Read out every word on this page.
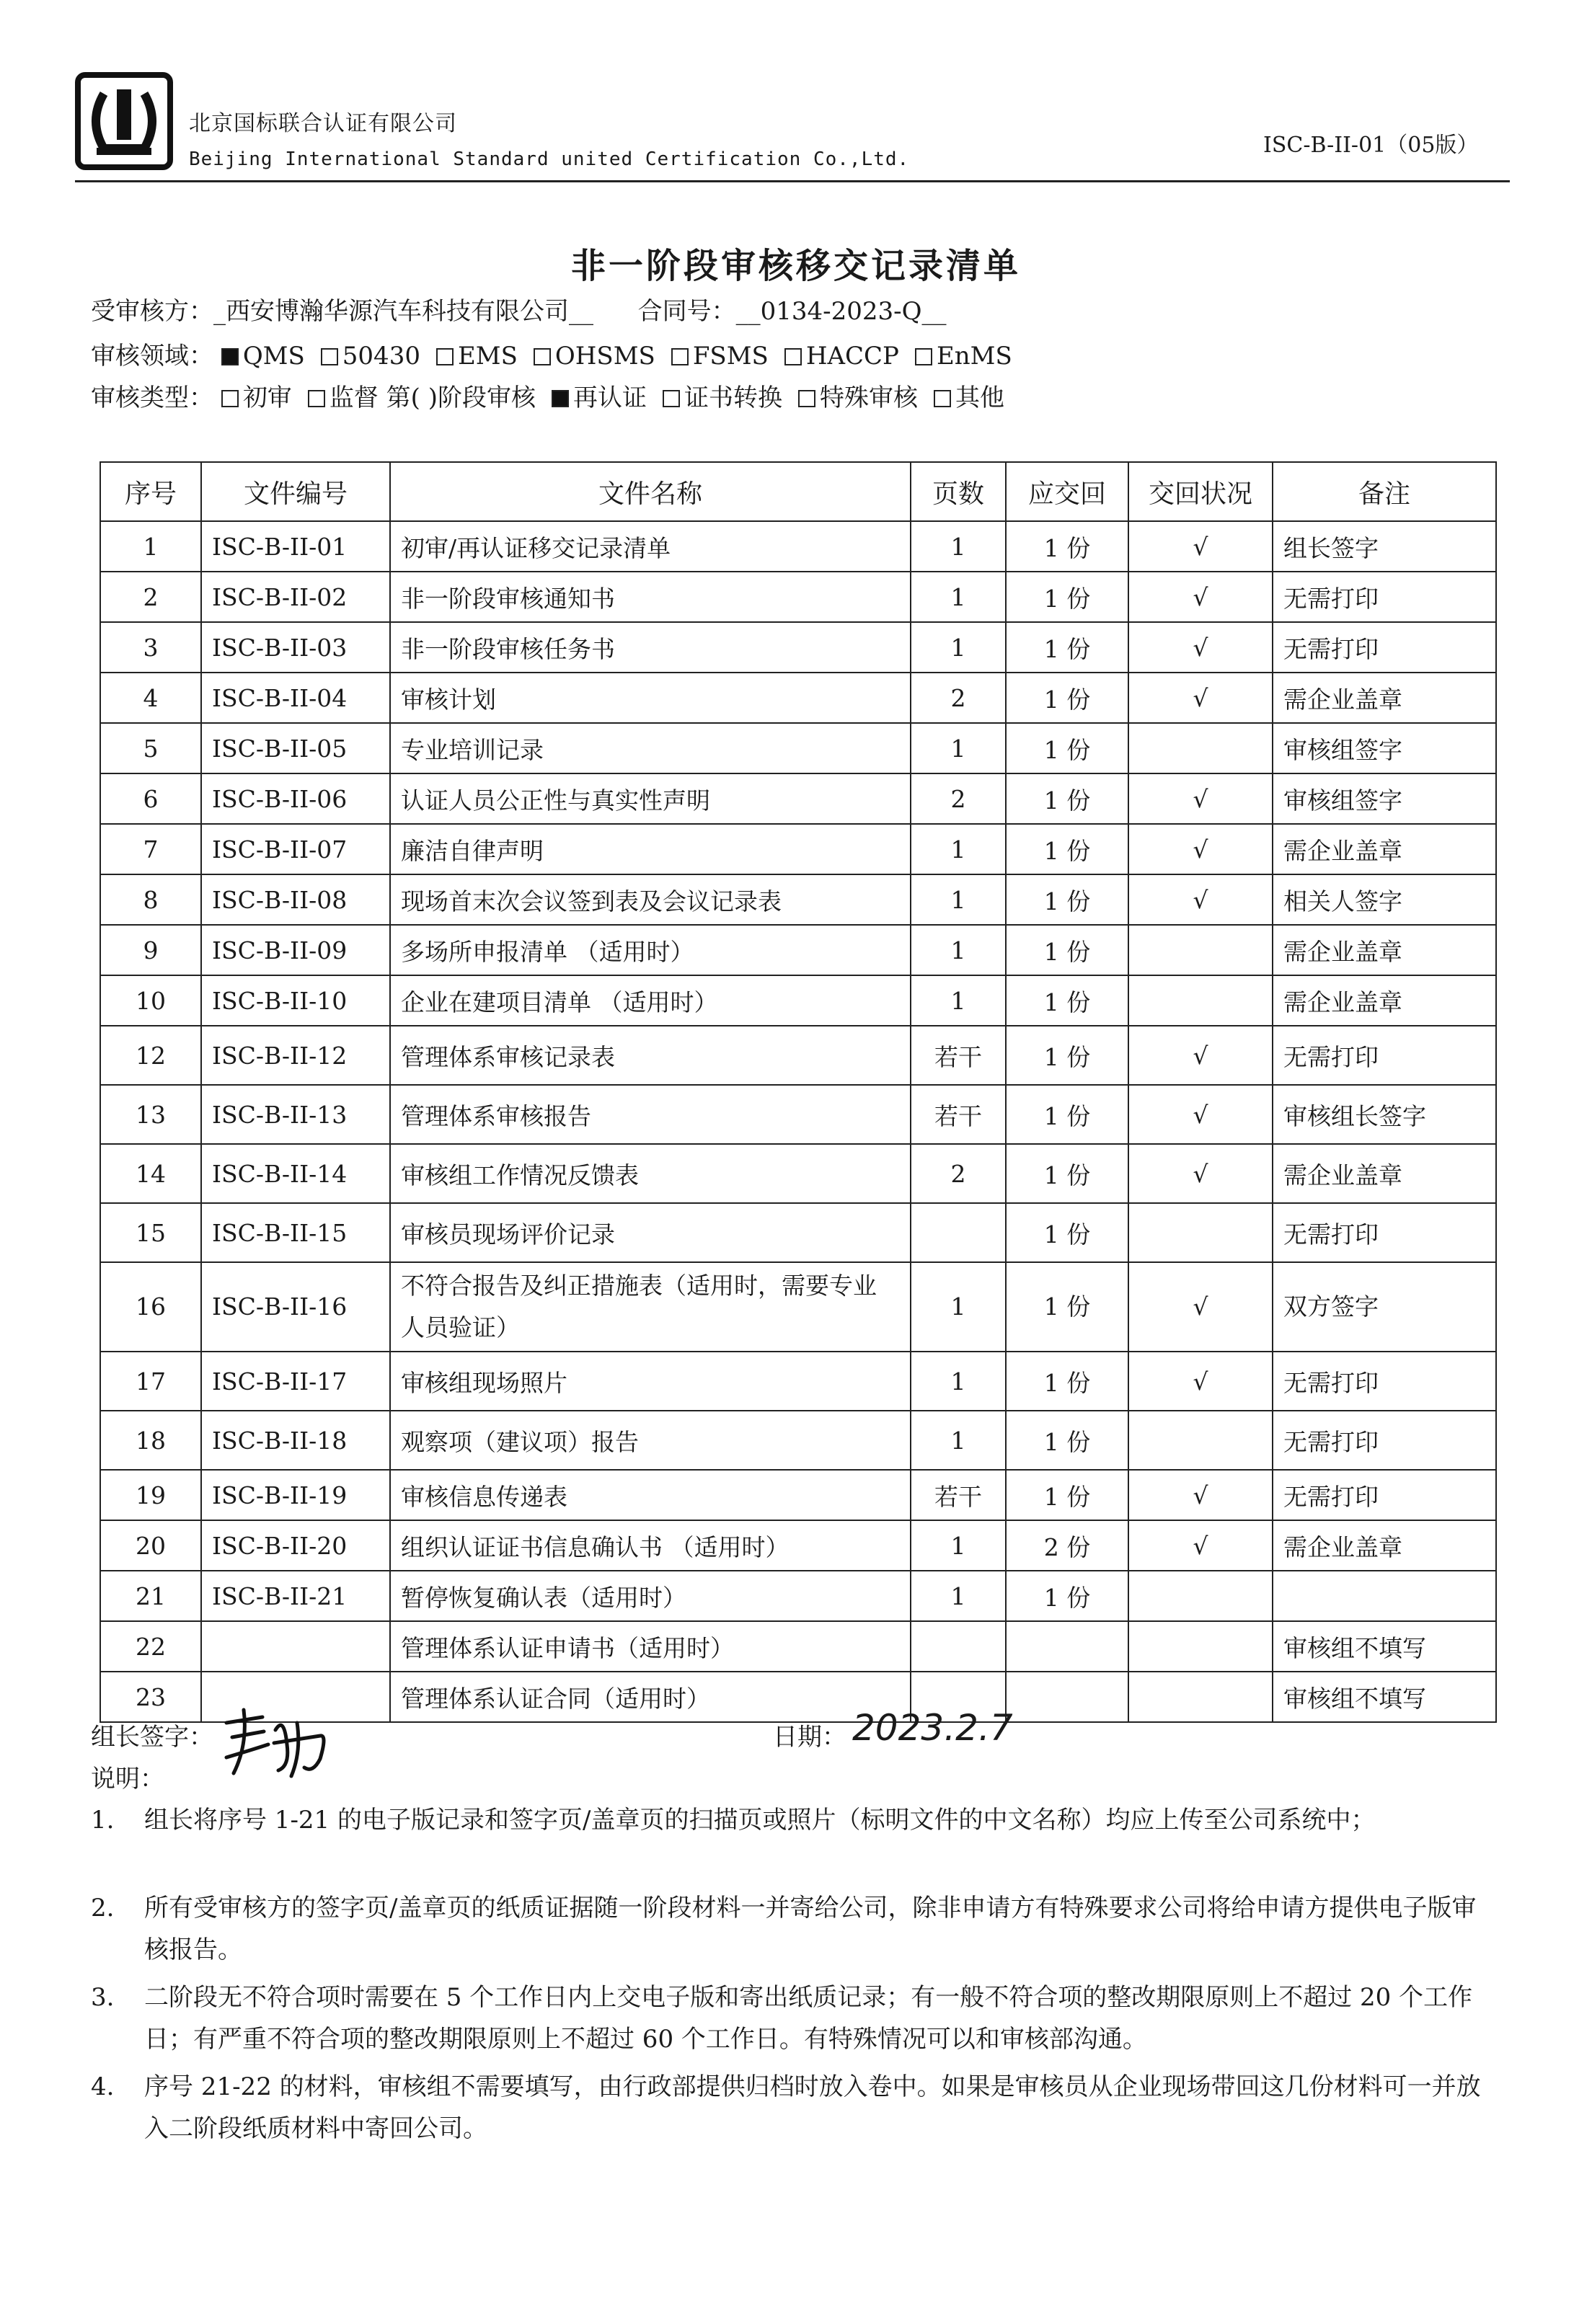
北京国标联合认证有限公司
Beijing International Standard united Certification Co.,Ltd.
ISC-B-II-01（05版）
非一阶段审核移交记录清单
受审核方：_西安博瀚华源汽车科技有限公司__ 合同号：__0134-2023-Q__
审核领域： QMS 50430 EMS OHSMS FSMS HACCP EnMS
审核类型： 初审 监督 第( )阶段审核 再认证 证书转换 特殊审核 其他
序号	文件编号	文件名称	页数	应交回	交回状况	备注
1	ISC-B-II-01	初审/再认证移交记录清单	1	1 份	√	组长签字
2	ISC-B-II-02	非一阶段审核通知书	1	1 份	√	无需打印
3	ISC-B-II-03	非一阶段审核任务书	1	1 份	√	无需打印
4	ISC-B-II-04	审核计划	2	1 份	√	需企业盖章
5	ISC-B-II-05	专业培训记录	1	1 份		审核组签字
6	ISC-B-II-06	认证人员公正性与真实性声明	2	1 份	√	审核组签字
7	ISC-B-II-07	廉洁自律声明	1	1 份	√	需企业盖章
8	ISC-B-II-08	现场首末次会议签到表及会议记录表	1	1 份	√	相关人签字
9	ISC-B-II-09	多场所申报清单 （适用时）	1	1 份		需企业盖章
10	ISC-B-II-10	企业在建项目清单 （适用时）	1	1 份		需企业盖章
12	ISC-B-II-12	管理体系审核记录表	若干	1 份	√	无需打印
13	ISC-B-II-13	管理体系审核报告	若干	1 份	√	审核组长签字
14	ISC-B-II-14	审核组工作情况反馈表	2	1 份	√	需企业盖章
15	ISC-B-II-15	审核员现场评价记录		1 份		无需打印
16	ISC-B-II-16	不符合报告及纠正措施表（适用时，需要专业人员验证）	1	1 份	√	双方签字
17	ISC-B-II-17	审核组现场照片	1	1 份	√	无需打印
18	ISC-B-II-18	观察项（建议项）报告	1	1 份		无需打印
19	ISC-B-II-19	审核信息传递表	若干	1 份	√	无需打印
20	ISC-B-II-20	组织认证证书信息确认书 （适用时）	1	2 份	√	需企业盖章
21	ISC-B-II-21	暂停恢复确认表（适用时）	1	1 份		
22		管理体系认证申请书（适用时）				审核组不填写
23		管理体系认证合同（适用时）				审核组不填写
组长签字：	日期： 2023.2.7
说明：
1. 组长将序号 1-21 的电子版记录和签字页/盖章页的扫描页或照片（标明文件的中文名称）均应上传至公司系统中；
2. 所有受审核方的签字页/盖章页的纸质证据随一阶段材料一并寄给公司，除非申请方有特殊要求公司将给申请方提供电子版审核报告。
3. 二阶段无不符合项时需要在 5 个工作日内上交电子版和寄出纸质记录；有一般不符合项的整改期限原则上不超过 20 个工作日；有严重不符合项的整改期限原则上不超过 60 个工作日。有特殊情况可以和审核部沟通。
4. 序号 21-22 的材料，审核组不需要填写，由行政部提供归档时放入卷中。如果是审核员从企业现场带回这几份材料可一并放入二阶段纸质材料中寄回公司。
